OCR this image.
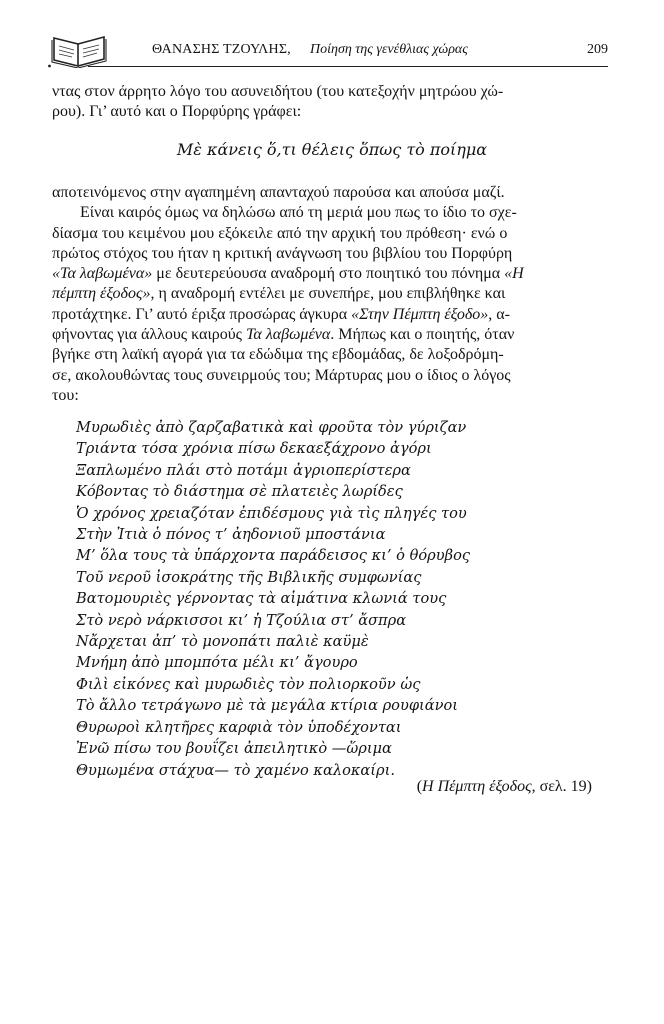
ΘΑΝΑΣΗΣ ΤΖΟΥΛΗΣ, Ποίηση της γενέθλιας χώρας	209

ντας στον άρρητο λόγο του ασυνειδήτου (του κατεξοχήν μητρώου χώ-
ρου). Γι’ αυτό και ο Πορφύρης γράφει:

Μὲ κάνεις ὅ,τι θέλεις ὅπως τὸ ποίημα

αποτεινόμενος στην αγαπημένη απανταχού παρούσα και απούσα μαζί.

Είναι καιρός όμως να δηλώσω από τη μεριά μου πως το ίδιο το σχε-
δίασμα του κειμένου μου εξόκειλε από την αρχική του πρόθεση· ενώ ο
πρώτος στόχος του ήταν η κριτική ανάγνωση του βιβλίου του Πορφύρη
«Τα λαβωμένα» με δευτερεύουσα αναδρομή στο ποιητικό του πόνημα «Η
πέμπτη έξοδος», η αναδρομή εντέλει με συνεπήρε, μου επιβλήθηκε και
προτάχτηκε. Γι’ αυτό έριξα προσώρας άγκυρα «Στην Πέμπτη έξοδο», α-
φήνοντας για άλλους καιρούς Τα λαβωμένα. Μήπως και ο ποιητής, όταν
βγήκε στη λαϊκή αγορά για τα εδώδιμα της εβδομάδας, δε λοξοδρόμη-
σε, ακολουθώντας τους συνειρμούς του; Μάρτυρας μου ο ίδιος ο λόγος
του:

Μυρωδιὲς ἀπὸ ζαρζαβατικὰ καὶ φροῦτα τὸν γύριζαν
Τριάντα τόσα χρόνια πίσω δεκαεξάχρονο ἀγόρι
Ξαπλωμένο πλάι στὸ ποτάμι ἀγριοπερίστερα
Κόβοντας τὸ διάστημα σὲ πλατειὲς λωρίδες
Ὁ χρόνος χρειαζόταν ἐπιδέσμους γιὰ τὶς πληγές του
Στὴν Ἰτιὰ ὁ πόνος τ’ ἀηδονιοῦ μποστάνια
Μ’ ὅλα τους τὰ ὑπάρχοντα παράδεισος κι’ ὁ θόρυβος
Τοῦ νεροῦ ἰσοκράτης τῆς Βιβλικῆς συμφωνίας
Βατομουριὲς γέρνοντας τὰ αἱμάτινα κλωνιά τους
Στὸ νερὸ νάρκισσοι κι’ ἡ Τζούλια στ’ ἄσπρα
Νἄρχεται ἀπ’ τὸ μονοπάτι παλιὲ καϋμὲ
Μνήμη ἀπὸ μπομπότα μέλι κι’ ἄγουρο
Φιλὶ εἰκόνες καὶ μυρωδιὲς τὸν πολιορκοῦν ὡς
Τὸ ἄλλο τετράγωνο μὲ τὰ μεγάλα κτίρια ρουφιάνοι
Θυρωροὶ κλητῆρες καρφιὰ τὸν ὑποδέχονται
Ἐνῶ πίσω του βουΐζει ἀπειλητικὸ —ὥριμα
Θυμωμένα στάχυα— τὸ χαμένο καλοκαίρι.
(Η Πέμπτη έξοδος, σελ. 19)
